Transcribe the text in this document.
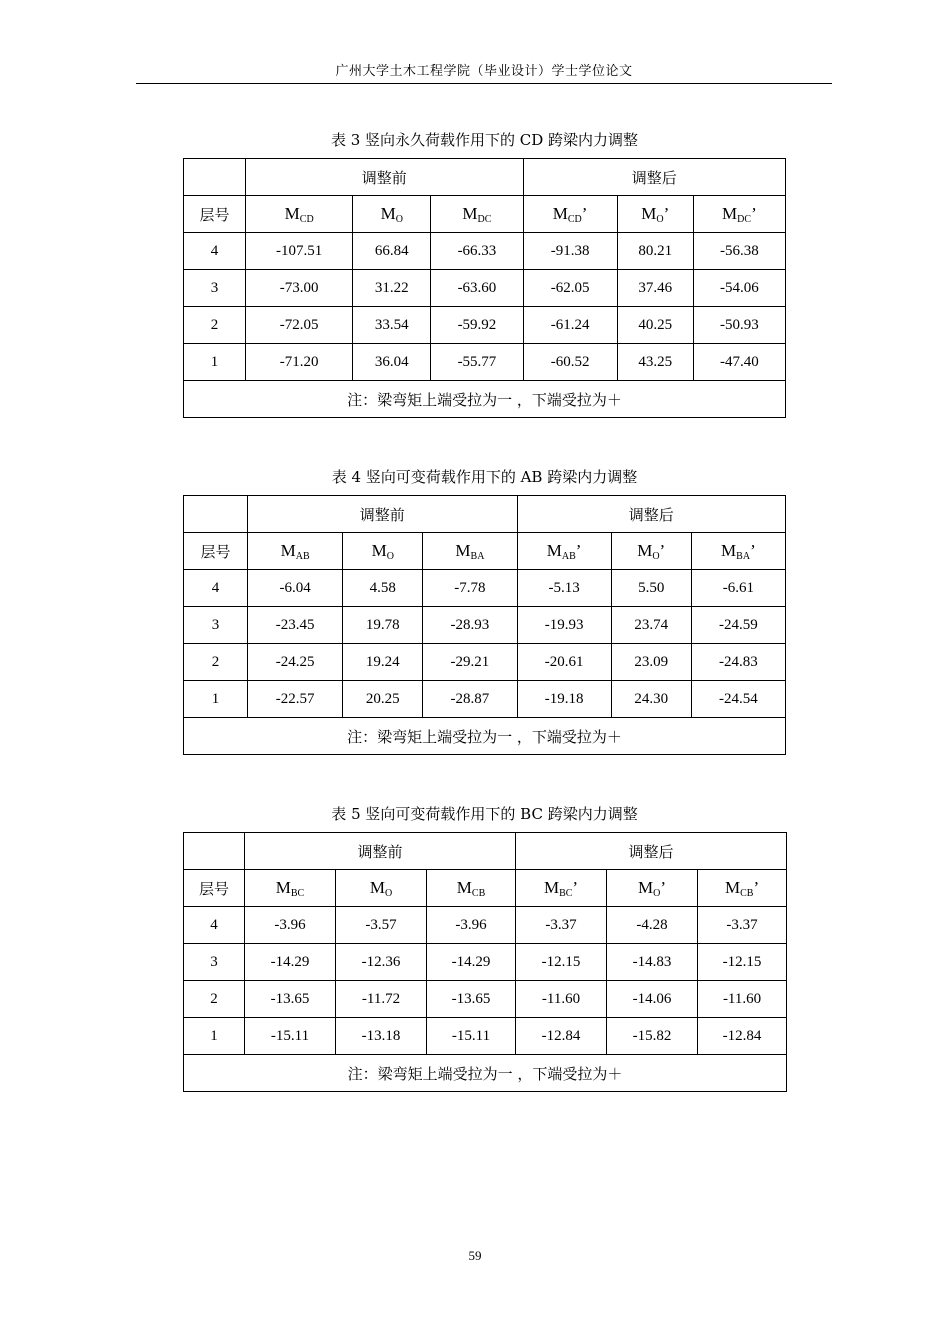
广州大学土木工程学院（毕业设计）学士学位论文
表 3 竖向永久荷载作用下的 CD 跨梁内力调整
	调整前			调整后		
层号	$M_{CD}$	$M_O$	$M_{DC}$	$M_{CD}$’	$M_O$’	$M_{DC}$’
4	-107.51	66.84	-66.33	-91.38	80.21	-56.38
3	-73.00	31.22	-63.60	-62.05	37.46	-54.06
2	-72.05	33.54	-59.92	-61.24	40.25	-50.93
1	-71.20	36.04	-55.77	-60.52	43.25	-47.40
注：梁弯矩上端受拉为一 ，下端受拉为＋						
表 4 竖向可变荷载作用下的 AB 跨梁内力调整
	调整前			调整后		
层号	$M_{AB}$	$M_O$	$M_{BA}$	$M_{AB}$’	$M_O$’	$M_{BA}$’
4	-6.04	4.58	-7.78	-5.13	5.50	-6.61
3	-23.45	19.78	-28.93	-19.93	23.74	-24.59
2	-24.25	19.24	-29.21	-20.61	23.09	-24.83
1	-22.57	20.25	-28.87	-19.18	24.30	-24.54
注：梁弯矩上端受拉为一 ，下端受拉为＋						
表 5 竖向可变荷载作用下的 BC 跨梁内力调整
	调整前			调整后		
层号	$M_{BC}$	$M_O$	$M_{CB}$	$M_{BC}$’	$M_O$’	$M_{CB}$’
4	-3.96	-3.57	-3.96	-3.37	-4.28	-3.37
3	-14.29	-12.36	-14.29	-12.15	-14.83	-12.15
2	-13.65	-11.72	-13.65	-11.60	-14.06	-11.60
1	-15.11	-13.18	-15.11	-12.84	-15.82	-12.84
注：梁弯矩上端受拉为一 ，下端受拉为＋						
59
